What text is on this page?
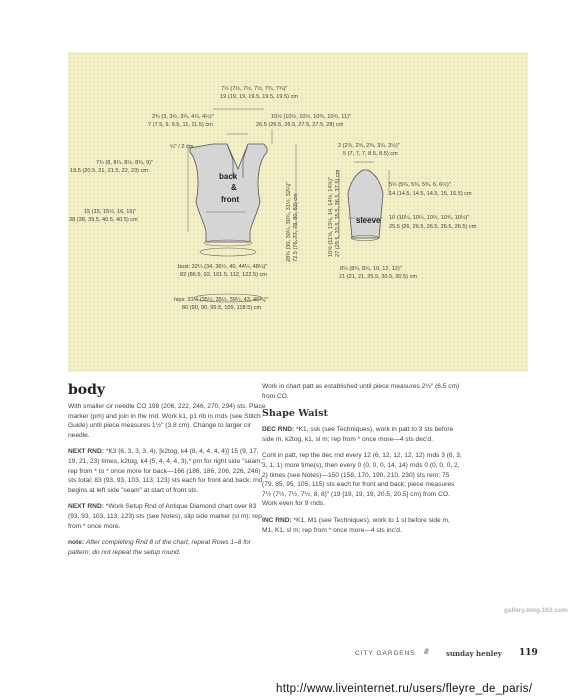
back
&
front
7½ (7½, 7½, 7½, 7¾, 7¾)"
19 (19, 19, 19.5, 19.5, 19.5) cm
2¾ (3, 3½, 3¾, 4¼, 4½)"
7 (7.5, 9, 9.5, 11, 11.5) cm
10½ (10½, 10½, 10¾, 10¾, 11)"
26.5 (26.5, 26.5, 27.5, 27.5, 28) cm
¼" / 2 cm
7¾ (8, 8¼, 8½, 8¾, 9)"
19.5 (20.5, 21, 21.5, 22, 23) cm
15 (15, 15½, 16, 16)"
38 (38, 39.5, 40.5, 40.5) cm
bust: 32¼ (34, 36¼, 40, 44¼, 48¼)"
82 (86.5, 92, 101.5, 112, 122.5) cm
hips: 31½ (35½, 35½, 39¼, 43, 46¾)"
80 (90, 90, 99.5, 109, 118.5) cm
28¾ (30, 30¼, 30¾, 31½, 32¼)" 72.5 (76, 77, 78, 80, 82) cm	sleeve
2 (2¾, 2¾, 2¾, 3¼, 3½)"
5 (7, 7, 7, 8.5, 8.5) cm
5½ (5¾, 5¾, 5¾, 6, 6½)"
14 (14.5, 14.5, 14.5, 15, 16.5) cm
10 (10¼, 10¼, 10½, 10¾, 10½)"
25.5 (26, 26.5, 26.5, 26.5, 26.5) cm
8¼ (8¼, 8¼, 10, 12, 12)"
21 (21, 21, 25.5, 30.5, 30.5) cm
10⅝ (11⅝, 13⅛, 14, 14⅛, 14⅝)" 27 (29.5, 33.5, 35.5, 36.5, 37.5) cm
body

With smaller cir needle CO 198 (206, 222, 246, 270, 294) sts. Place marker (pm) and join in the rnd. Work k1, p1 rib in rnds (see Stitch Guide) until piece measures 1½" (3.8 cm). Change to larger cir needle.

NEXT RND: *K3 (6, 3, 3, 3, 4), [k2tog, k4 (8, 4, 4, 4, 4)] 15 (9, 17, 19, 21, 23) times, k2tog, k4 (5, 4, 4, 4, 3),* pm for right side "seam," rep from * to * once more for back—166 (186, 186, 206, 226, 246) sts total; 83 (93, 93, 103, 113, 123) sts each for front and back; rnd begins at left side "seam" at start of front sts.

NEXT RND: *Work Setup Rnd of Antique Diamond chart over 83 (93, 93, 103, 113, 123) sts (see Notes), slip side marker (sl m); rep from * once more.

note: After completing Rnd 8 of the chart, repeat Rows 1–8 for pattern; do not repeat the setup round.

Work in chart patt as established until piece measures 2½" (6.5 cm) from CO.

Shape Waist

DEC RND: *K1, ssk (see Techniques), work in patt to 3 sts before side m, k2tog, k1, sl m; rep from * once more—4 sts dec'd.

Cont in patt, rep the dec rnd every 12 (6, 12, 12, 12, 12) rnds 3 (6, 3, 3, 1, 1) more time(s), then every 0 (0, 0, 0, 14, 14) rnds 0 (0, 0, 0, 2, 2) times (see Notes)—150 (158, 170, 190, 210, 230) sts rem; 75 (79, 85, 95, 105, 115) sts each for front and back; piece measures 7½ (7½, 7½, 7½, 8, 8)" (19 [19, 19, 19, 20.5, 20.5] cm) from CO. Work even for 9 rnds.

INC RND: *K1, M1 (see Techniques), work to 1 st before side m, M1, K1, sl m; rep from * once more—4 sts inc'd.

gallery.blog.163.com
CITY GARDENS ////	sunday henley 119
http://www.liveinternet.ru/users/fleyre_de_paris/
